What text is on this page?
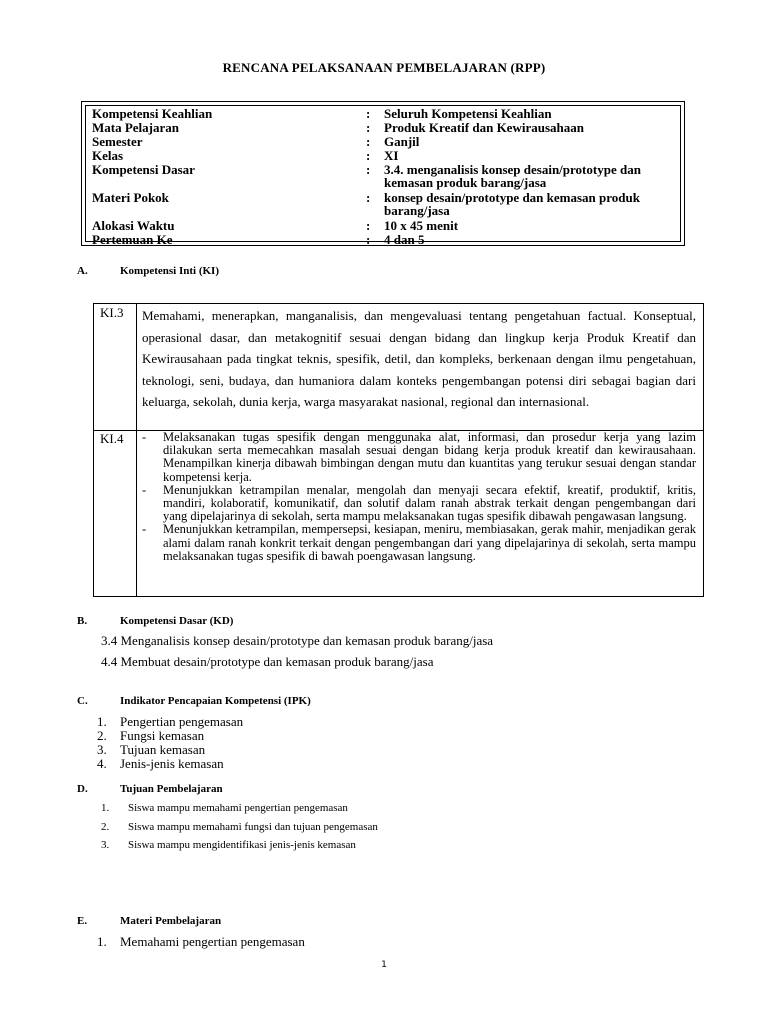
RENCANA PELAKSANAAN PEMBELAJARAN (RPP)
Kompetensi Keahlian	: Seluruh Kompetensi Keahlian
Mata Pelajaran	: Produk Kreatif dan Kewirausahaan
Semester	: Ganjil
Kelas	: XI
Kompetensi Dasar	: 3.4. menganalisis konsep desain/prototype dan kemasan produk barang/jasa
Materi Pokok	: konsep desain/prototype dan kemasan produk barang/jasa
Alokasi Waktu	: 10 x 45 menit
Pertemuan Ke	: 4 dan 5
A.	Kompetensi Inti (KI)
KI.3 Memahami, menerapkan, manganalisis, dan mengevaluasi tentang pengetahuan factual. Konseptual, operasional dasar, dan metakognitif sesuai dengan bidang dan lingkup kerja Produk Kreatif dan Kewirausahaan pada tingkat teknis, spesifik, detil, dan kompleks, berkenaan dengan ilmu pengetahuan, teknologi, seni, budaya, dan humaniora dalam konteks pengembangan potensi diri sebagai bagian dari keluarga, sekolah, dunia kerja, warga masyarakat nasional, regional dan internasional.
KI.4 - Melaksanakan tugas spesifik dengan menggunaka alat, informasi, dan prosedur kerja yang lazim dilakukan serta memecahkan masalah sesuai dengan bidang kerja produk kreatif dan kewirausahaan. Menampilkan kinerja dibawah bimbingan dengan mutu dan kuantitas yang terukur sesuai dengan standar kompetensi kerja.
- Menunjukkan ketrampilan menalar, mengolah dan menyaji secara efektif, kreatif, produktif, kritis, mandiri, kolaboratif, komunikatif, dan solutif dalam ranah abstrak terkait dengan pengembangan dari yang dipelajarinya di sekolah, serta mampu melaksanakan tugas spesifik dibawah pengawasan langsung.
- Menunjukkan ketrampilan, mempersepsi, kesiapan, meniru, membiasakan, gerak mahir, menjadikan gerak alami dalam ranah konkrit terkait dengan pengembangan dari yang dipelajarinya di sekolah, serta mampu melaksanakan tugas spesifik di bawah poengawasan langsung.
B.	Kompetensi Dasar (KD)
3.4 Menganalisis konsep desain/prototype dan kemasan produk barang/jasa
4.4 Membuat desain/prototype dan kemasan produk barang/jasa
C.	Indikator Pencapaian Kompetensi (IPK)
1. Pengertian pengemasan
2. Fungsi kemasan
3. Tujuan kemasan
4. Jenis-jenis kemasan
D.	Tujuan Pembelajaran
1. Siswa mampu memahami pengertian pengemasan
2. Siswa mampu memahami fungsi dan tujuan pengemasan
3. Siswa mampu mengidentifikasi jenis-jenis kemasan
E.	Materi Pembelajaran
1. Memahami pengertian pengemasan
1
